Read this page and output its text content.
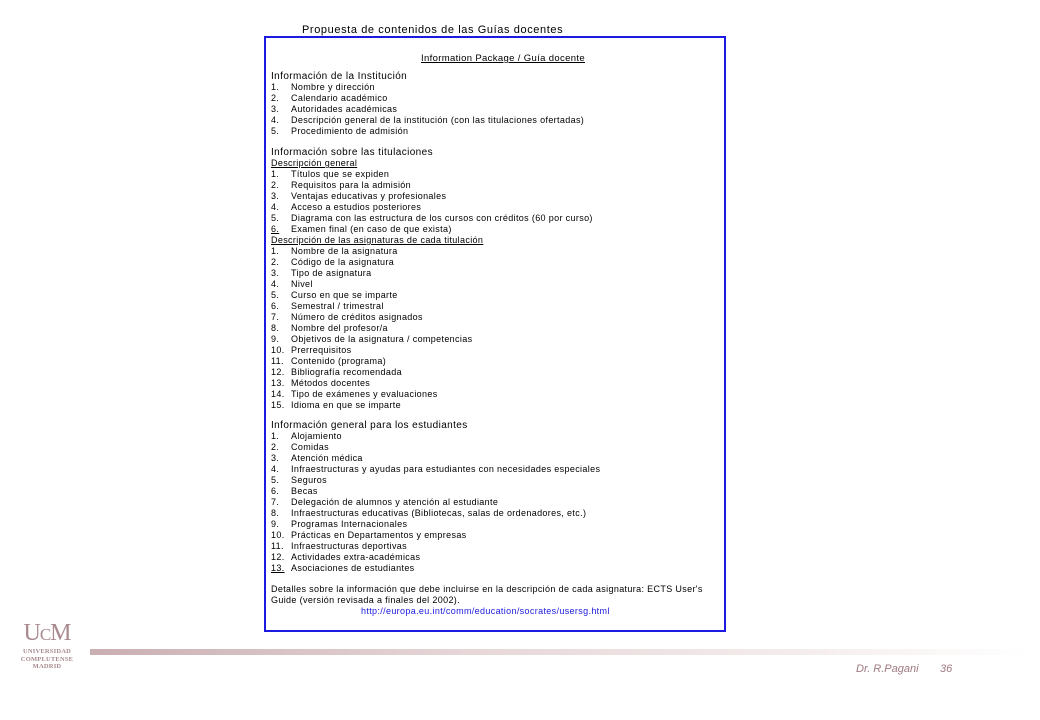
Propuesta de contenidos de las Guías docentes
Information Package / Guía docente
Información de la Institución
1.	Nombre y dirección
2.	Calendario académico
3.	Autoridades académicas
4.	Descripción general de la institución (con las titulaciones ofertadas)
5.	Procedimiento de admisión
Información sobre las titulaciones
Descripción general
1.	Títulos que se expiden
2.	Requisitos para la admisión
3.	Ventajas educativas y profesionales
4.	Acceso a estudios posteriores
5.	Diagrama con las estructura de los cursos con créditos (60 por curso)
6.	Examen final (en caso de que exista)
Descripción de las asignaturas de cada titulación
1.	Nombre de la asignatura
2.	Código de la asignatura
3.	Tipo de asignatura
4.	Nivel
5.	Curso en que se imparte
6.	Semestral / trimestral
7.	Número de créditos asignados
8.	Nombre del profesor/a
9.	Objetivos de la asignatura / competencias
10. Prerrequisitos
11. Contenido (programa)
12. Bibliografía recomendada
13. Métodos docentes
14. Tipo de exámenes y evaluaciones
15. Idioma en que se imparte
Información general para los estudiantes
1.	Alojamiento
2.	Comidas
3.	Atención médica
4.	Infraestructuras y ayudas para estudiantes con necesidades especiales
5.	Seguros
6.	Becas
7.	Delegación de alumnos y atención al estudiante
8.	Infraestructuras educativas (Bibliotecas, salas de ordenadores, etc.)
9.	Programas Internacionales
10. Prácticas en Departamentos y empresas
11. Infraestructuras deportivas
12. Actividades extra-académicas
13. Asociaciones de estudiantes
Detalles sobre la información que debe incluirse en la descripción de cada asignatura: ECTS User's Guide (versión revisada a finales del 2002).
http://europa.eu.int/comm/education/socrates/usersg.html
UCM
UNIVERSIDAD
COMPLUTENSE
MADRID	Dr. R.Pagani 36
